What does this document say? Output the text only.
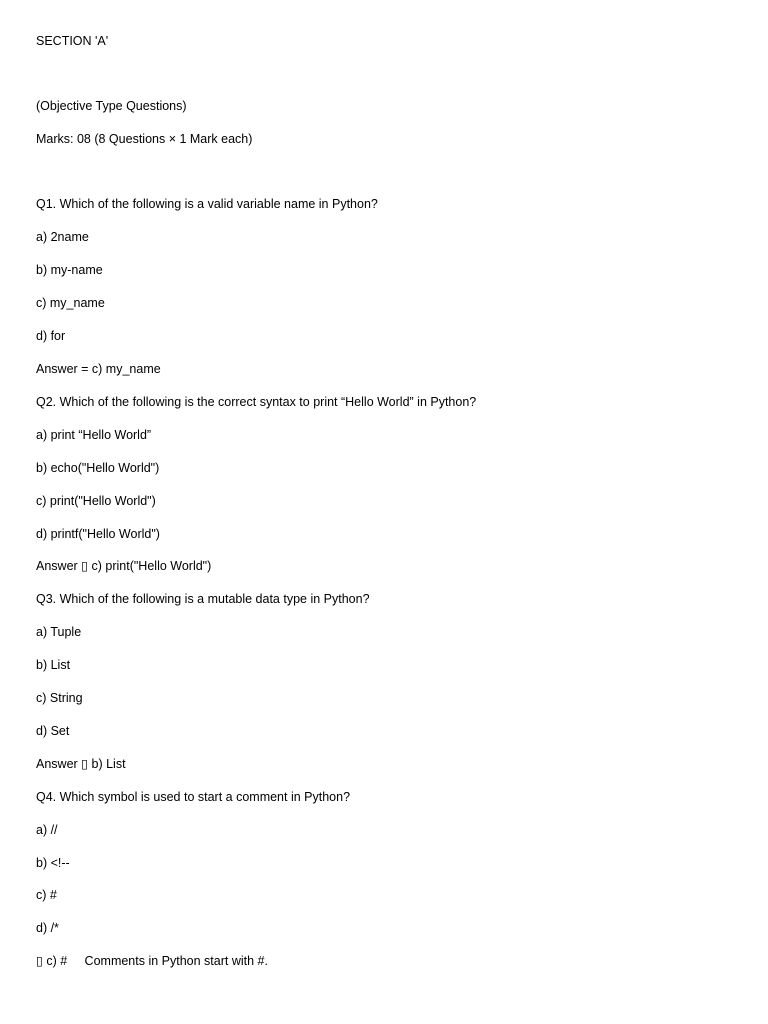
SECTION 'A'
(Objective Type Questions)
Marks: 08 (8 Questions × 1 Mark each)
Q1. Which of the following is a valid variable name in Python?
a) 2name
b) my-name
c) my_name
d) for
Answer = c) my_name
Q2. Which of the following is the correct syntax to print “Hello World” in Python?
a) print “Hello World”
b) echo("Hello World")
c) print("Hello World")
d) printf("Hello World")
Answer ▯ c) print("Hello World")
Q3. Which of the following is a mutable data type in Python?
a) Tuple
b) List
c) String
d) Set
Answer ▯ b) List
Q4. Which symbol is used to start a comment in Python?
a) //
b) <!--
c) #
d) /*
▯ c) #     Comments in Python start with #.
